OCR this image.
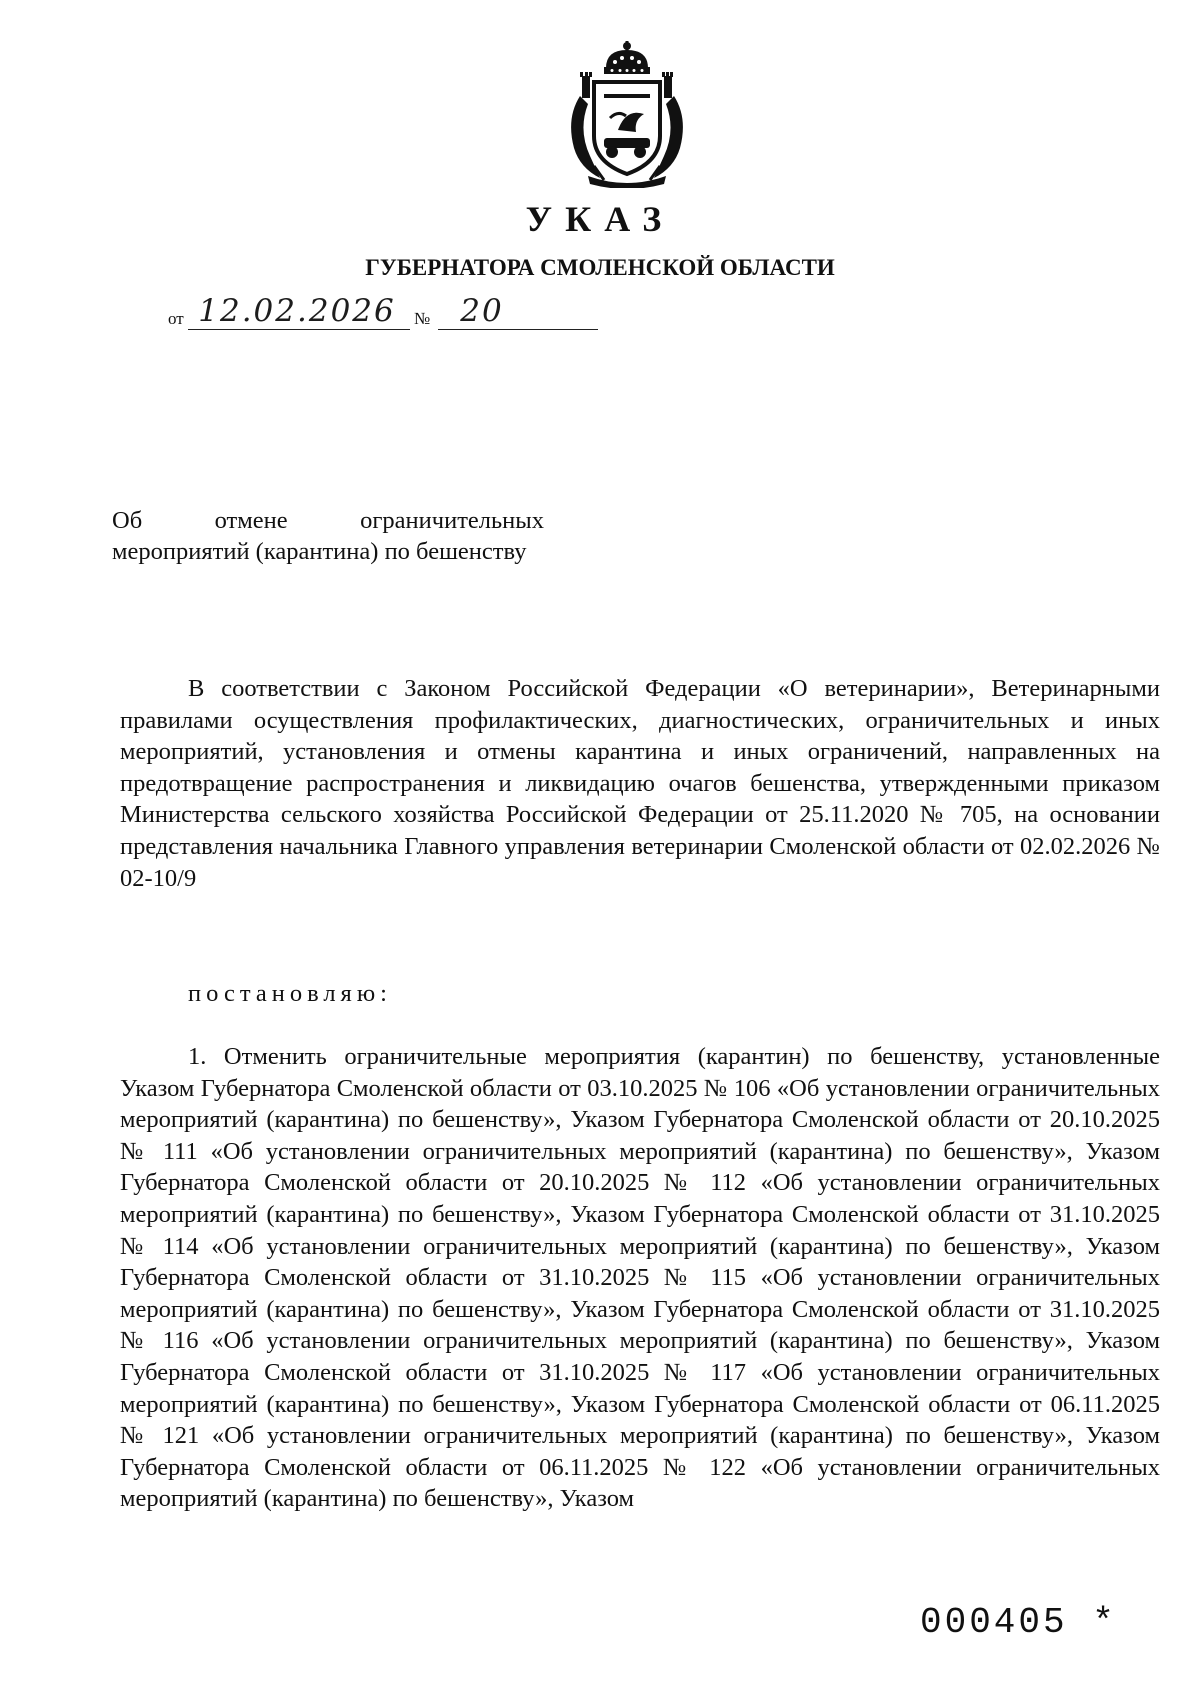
УКАЗ
ГУБЕРНАТОРА СМОЛЕНСКОЙ ОБЛАСТИ
от 12.02.2026	№ 20
Об отмене ограничительных мероприятий (карантина) по бешенству
В соответствии с Законом Российской Федерации «О ветеринарии», Ветеринарными правилами осуществления профилактических, диагностических, ограничительных и иных мероприятий, установления и отмены карантина и иных ограничений, направленных на предотвращение распространения и ликвидацию очагов бешенства, утвержденными приказом Министерства сельского хозяйства Российской Федерации от 25.11.2020 № 705, на основании представления начальника Главного управления ветеринарии Смоленской области от 02.02.2026 № 02-10/9
постановляю:
1. Отменить ограничительные мероприятия (карантин) по бешенству, установленные Указом Губернатора Смоленской области от 03.10.2025 № 106 «Об установлении ограничительных мероприятий (карантина) по бешенству», Указом Губернатора Смоленской области от 20.10.2025 № 111 «Об установлении ограничительных мероприятий (карантина) по бешенству», Указом Губернатора Смоленской области от 20.10.2025 № 112 «Об установлении ограничительных мероприятий (карантина) по бешенству», Указом Губернатора Смоленской области от 31.10.2025 № 114 «Об установлении ограничительных мероприятий (карантина) по бешенству», Указом Губернатора Смоленской области от 31.10.2025 № 115 «Об установлении ограничительных мероприятий (карантина) по бешенству», Указом Губернатора Смоленской области от 31.10.2025 № 116 «Об установлении ограничительных мероприятий (карантина) по бешенству», Указом Губернатора Смоленской области от 31.10.2025 № 117 «Об установлении ограничительных мероприятий (карантина) по бешенству», Указом Губернатора Смоленской области от 06.11.2025 № 121 «Об установлении ограничительных мероприятий (карантина) по бешенству», Указом Губернатора Смоленской области от 06.11.2025 № 122 «Об установлении ограничительных мероприятий (карантина) по бешенству», Указом
000405 *
